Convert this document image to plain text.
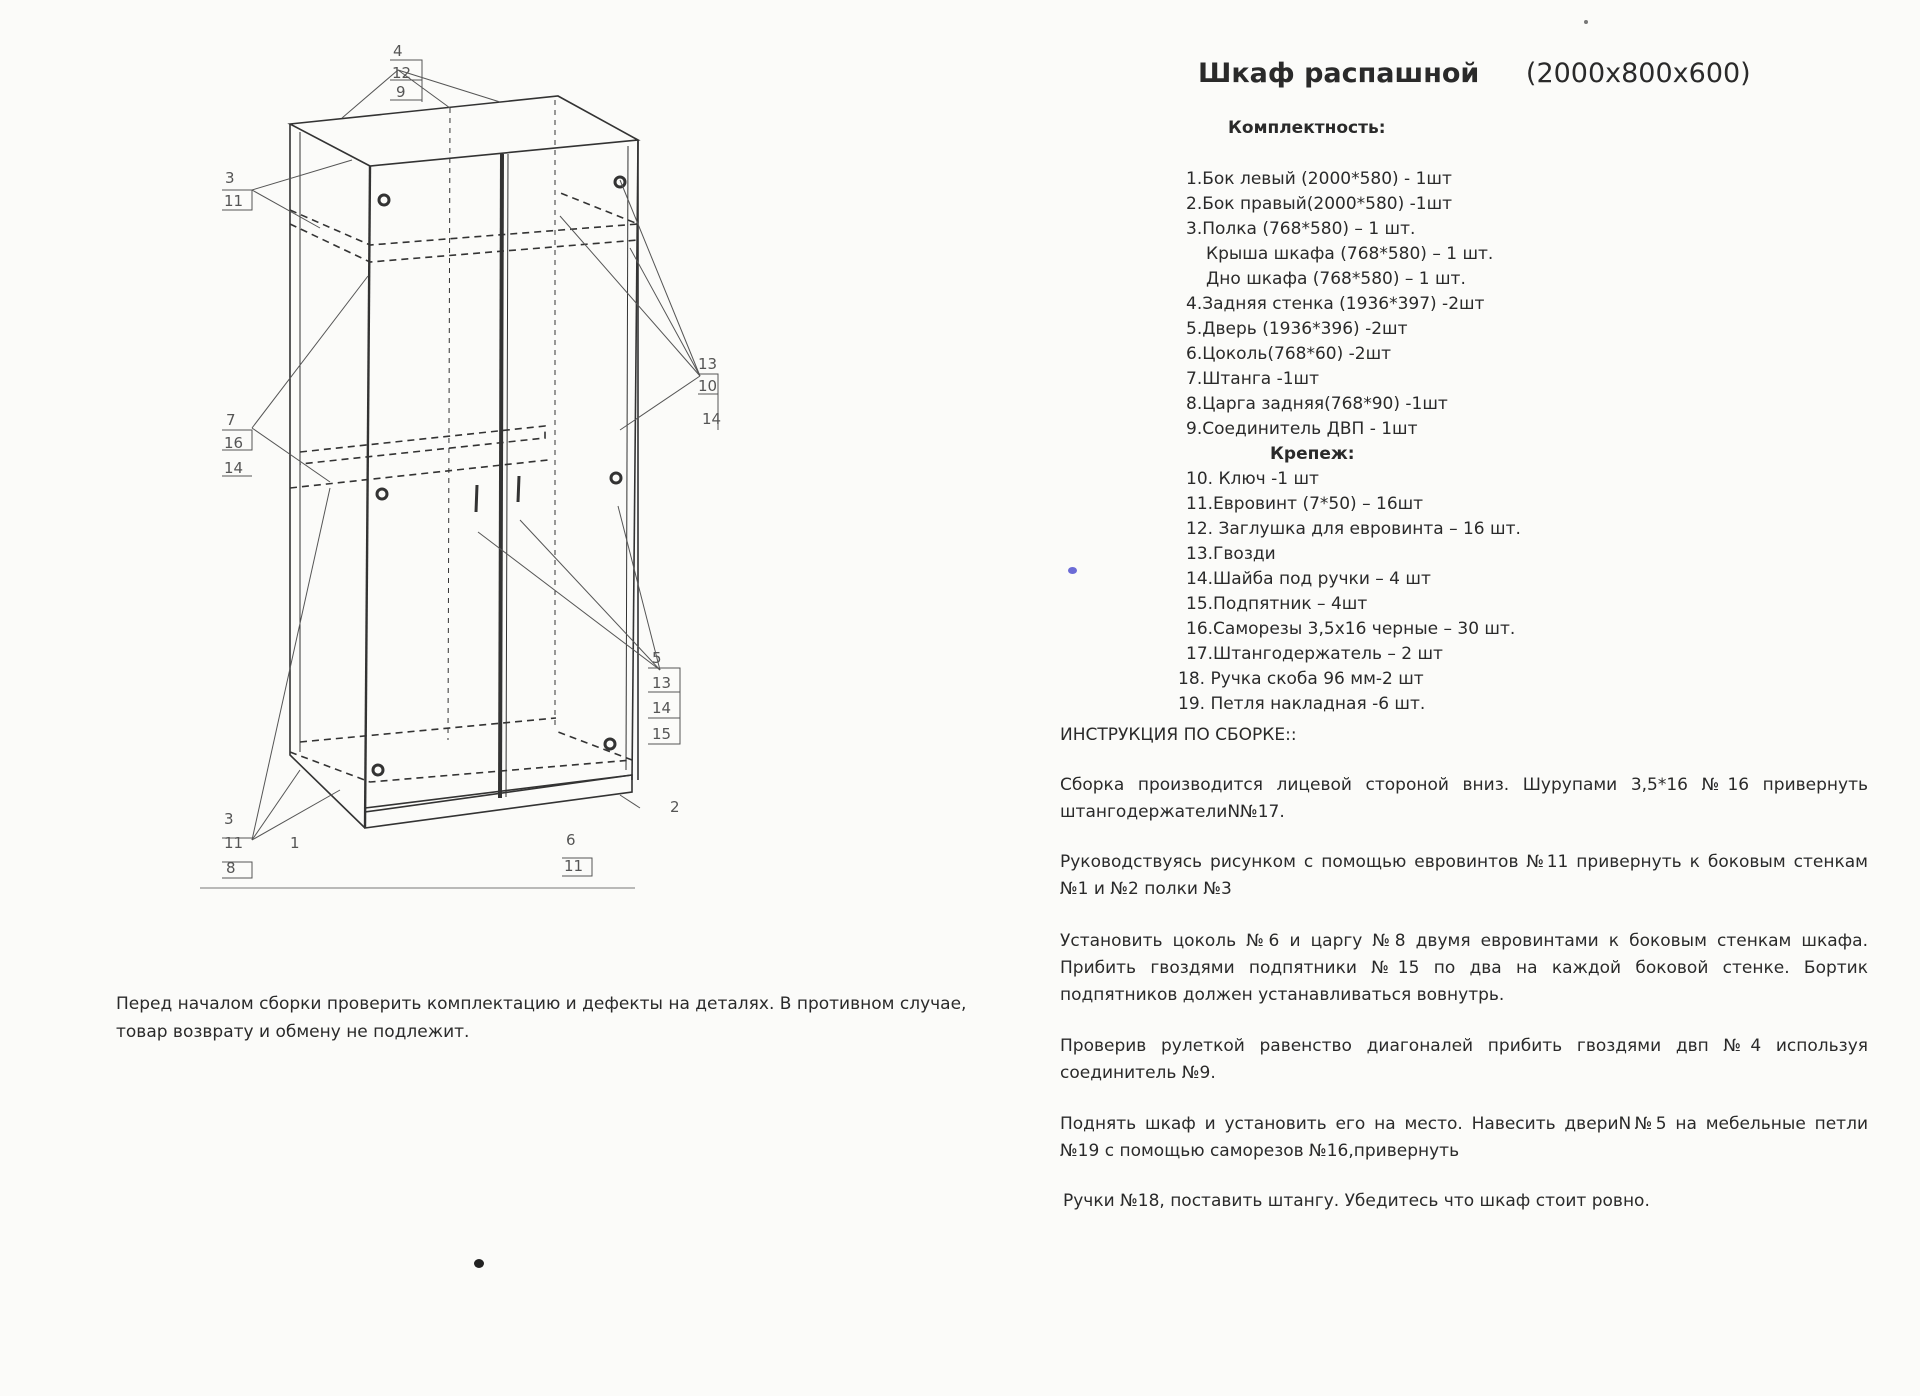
4
12
9
3
11
7
16
14
13
10
14
5
13
14
15
3
11	1
8
6
11
2
Шкаф распашной (2000х800х600)
Комплектность:
1.Бок левый (2000*580) - 1шт
2.Бок правый(2000*580) -1шт
3.Полка (768*580) – 1 шт.
Крыша шкафа (768*580) – 1 шт.
Дно шкафа (768*580) – 1 шт.
4.Задняя стенка (1936*397) -2шт
5.Дверь (1936*396) -2шт
6.Цоколь(768*60) -2шт
7.Штанга -1шт
8.Царга задняя(768*90) -1шт
9.Соединитель ДВП - 1шт
Крепеж:
10. Ключ -1 шт
11.Евровинт (7*50) – 16шт
12. Заглушка для евровинта – 16 шт.
13.Гвозди
14.Шайба под ручки – 4 шт
15.Подпятник – 4шт
16.Саморезы 3,5х16 черные – 30 шт.
17.Штангодержатель – 2 шт
18. Ручка скоба 96 мм-2 шт
19. Петля накладная -6 шт.
ИНСТРУКЦИЯ ПО СБОРКЕ::
Сборка производится лицевой стороной вниз. Шурупами 3,5*16 №16 привернуть штангодержателиN№17.
Руководствуясь рисунком с помощью евровинтов №11 привернуть к боковым стенкам №1 и №2 полки №3
Установить цоколь №6 и царгу №8 двумя евровинтами к боковым стенкам шкафа. Прибить гвоздями подпятники №15 по два на каждой боковой стенке. Бортик подпятников должен устанавливаться вовнутрь.
Проверив рулеткой равенство диагоналей прибить гвоздями двп №4 используя соединитель №9.
Поднять шкаф и установить его на место. Навесить двериN№5 на мебельные петли №19 с помощью саморезов №16,привернуть
Ручки №18, поставить штангу. Убедитесь что шкаф стоит ровно.
Перед началом сборки проверить комплектацию и дефекты на деталях. В противном случае, товар возврату и обмену не подлежит.
